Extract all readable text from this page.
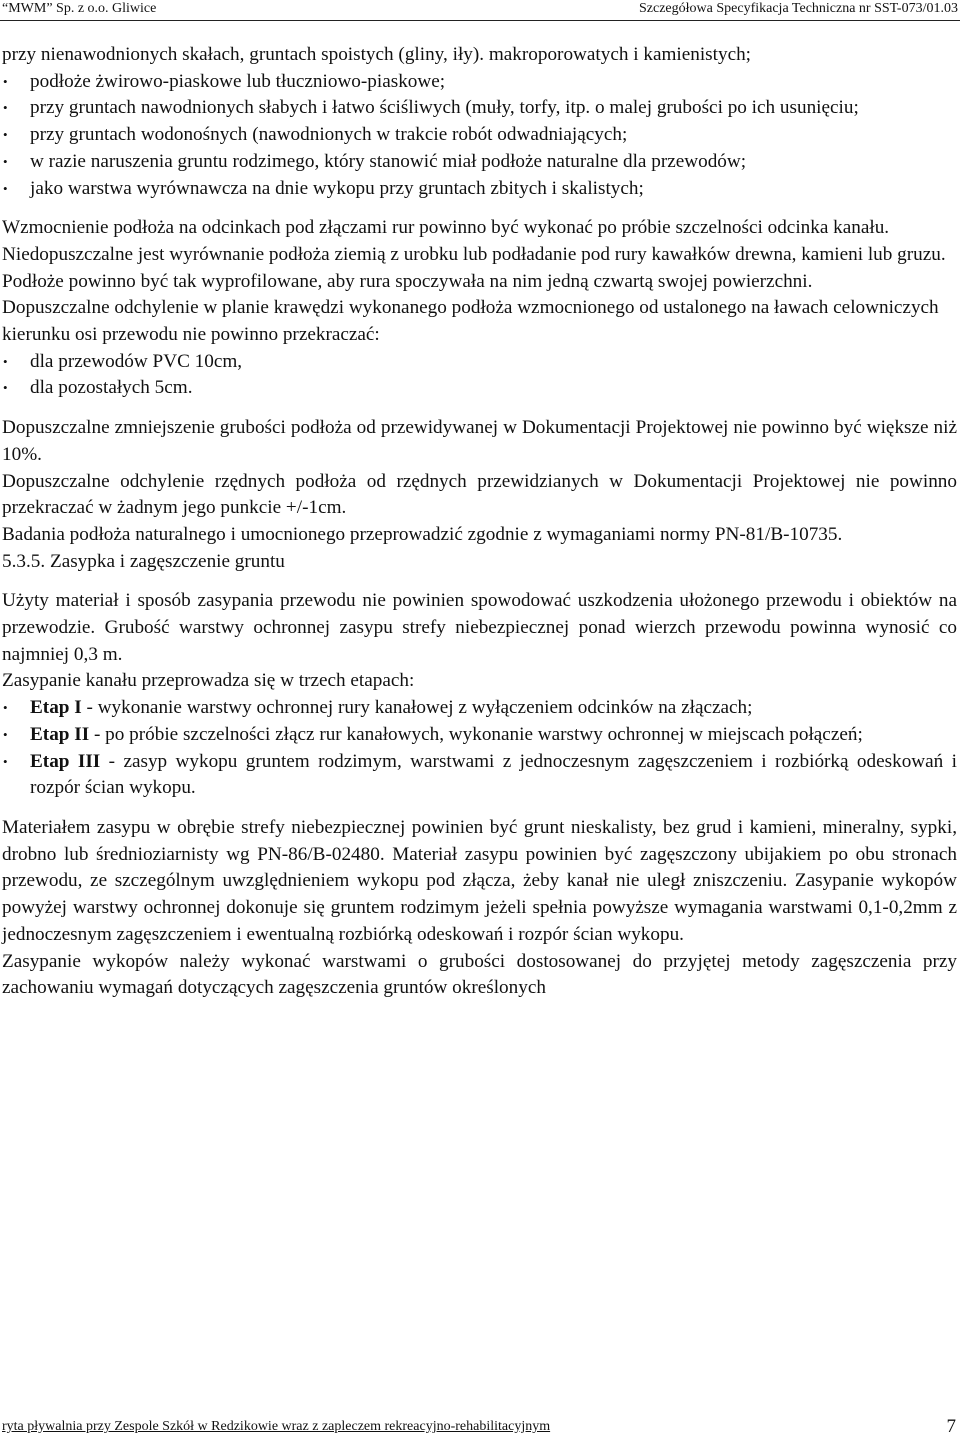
“MWM” Sp. z o.o. Gliwice	Szczegółowa Specyfikacja Techniczna nr SST-073/01.03

przy nienawodnionych skałach, gruntach spoistych (gliny, iły). makroporowatych i kamienistych;

• podłoże żwirowo-piaskowe lub tłuczniowo-piaskowe;
• przy gruntach nawodnionych słabych i łatwo ściśliwych (muły, torfy, itp. o malej grubości po ich usunięciu;
• przy gruntach wodonośnych (nawodnionych w trakcie robót odwadniających;
• w razie naruszenia gruntu rodzimego, który stanowić miał podłoże naturalne dla przewodów;
• jako warstwa wyrównawcza na dnie wykopu przy gruntach zbitych i skalistych;

Wzmocnienie podłoża na odcinkach pod złączami rur powinno być wykonać po próbie szczelności odcinka kanału.

Niedopuszczalne jest wyrównanie podłoża ziemią z urobku lub podładanie pod rury kawałków drewna, kamieni lub gruzu.

Podłoże powinno być tak wyprofilowane, aby rura spoczywała na nim jedną czwartą swojej powierzchni.

Dopuszczalne odchylenie w planie krawędzi wykonanego podłoża wzmocnionego od ustalonego na ławach celowniczych kierunku osi przewodu nie powinno przekraczać:

• dla przewodów PVC 10cm,
• dla pozostałych 5cm.

Dopuszczalne zmniejszenie grubości podłoża od przewidywanej w Dokumentacji Projektowej nie powinno być większe niż 10%.

Dopuszczalne odchylenie rzędnych podłoża od rzędnych przewidzianych w Dokumentacji Projektowej nie powinno przekraczać w żadnym jego punkcie +/-1cm.

Badania podłoża naturalnego i umocnionego przeprowadzić zgodnie z wymaganiami normy PN-81/B-10735.

5.3.5. Zasypka i zagęszczenie gruntu

Użyty materiał i sposób zasypania przewodu nie powinien spowodować uszkodzenia ułożonego przewodu i obiektów na przewodzie. Grubość warstwy ochronnej zasypu strefy niebezpiecznej ponad wierzch przewodu powinna wynosić co najmniej 0,3 m.

Zasypanie kanału przeprowadza się w trzech etapach:

• Etap I - wykonanie warstwy ochronnej rury kanałowej z wyłączeniem odcinków na złączach;
• Etap II - po próbie szczelności złącz rur kanałowych, wykonanie warstwy ochronnej w miejscach połączeń;
• Etap III - zasyp wykopu gruntem rodzimym, warstwami z jednoczesnym zagęszczeniem i rozbiórką odeskowań i rozpór ścian wykopu.

Materiałem zasypu w obrębie strefy niebezpiecznej powinien być grunt nieskalisty, bez grud i kamieni, mineralny, sypki, drobno lub średnioziarnisty wg PN-86/B-02480. Materiał zasypu powinien być zagęszczony ubijakiem po obu stronach przewodu, ze szczególnym uwzględnieniem wykopu pod złącza, żeby kanał nie uległ zniszczeniu. Zasypanie wykopów powyżej warstwy ochronnej dokonuje się gruntem rodzimym jeżeli spełnia powyższe wymagania warstwami 0,1-0,2mm z jednoczesnym zagęszczeniem i ewentualną rozbiórką odeskowań i rozpór ścian wykopu.

Zasypanie wykopów należy wykonać warstwami o grubości dostosowanej do przyjętej metody zagęszczenia przy zachowaniu wymagań dotyczących zagęszczenia gruntów określonych

ryta pływalnia przy Zespole Szkół w Redzikowie wraz z zapleczem rekreacyjno-rehabilitacyjnym	7
